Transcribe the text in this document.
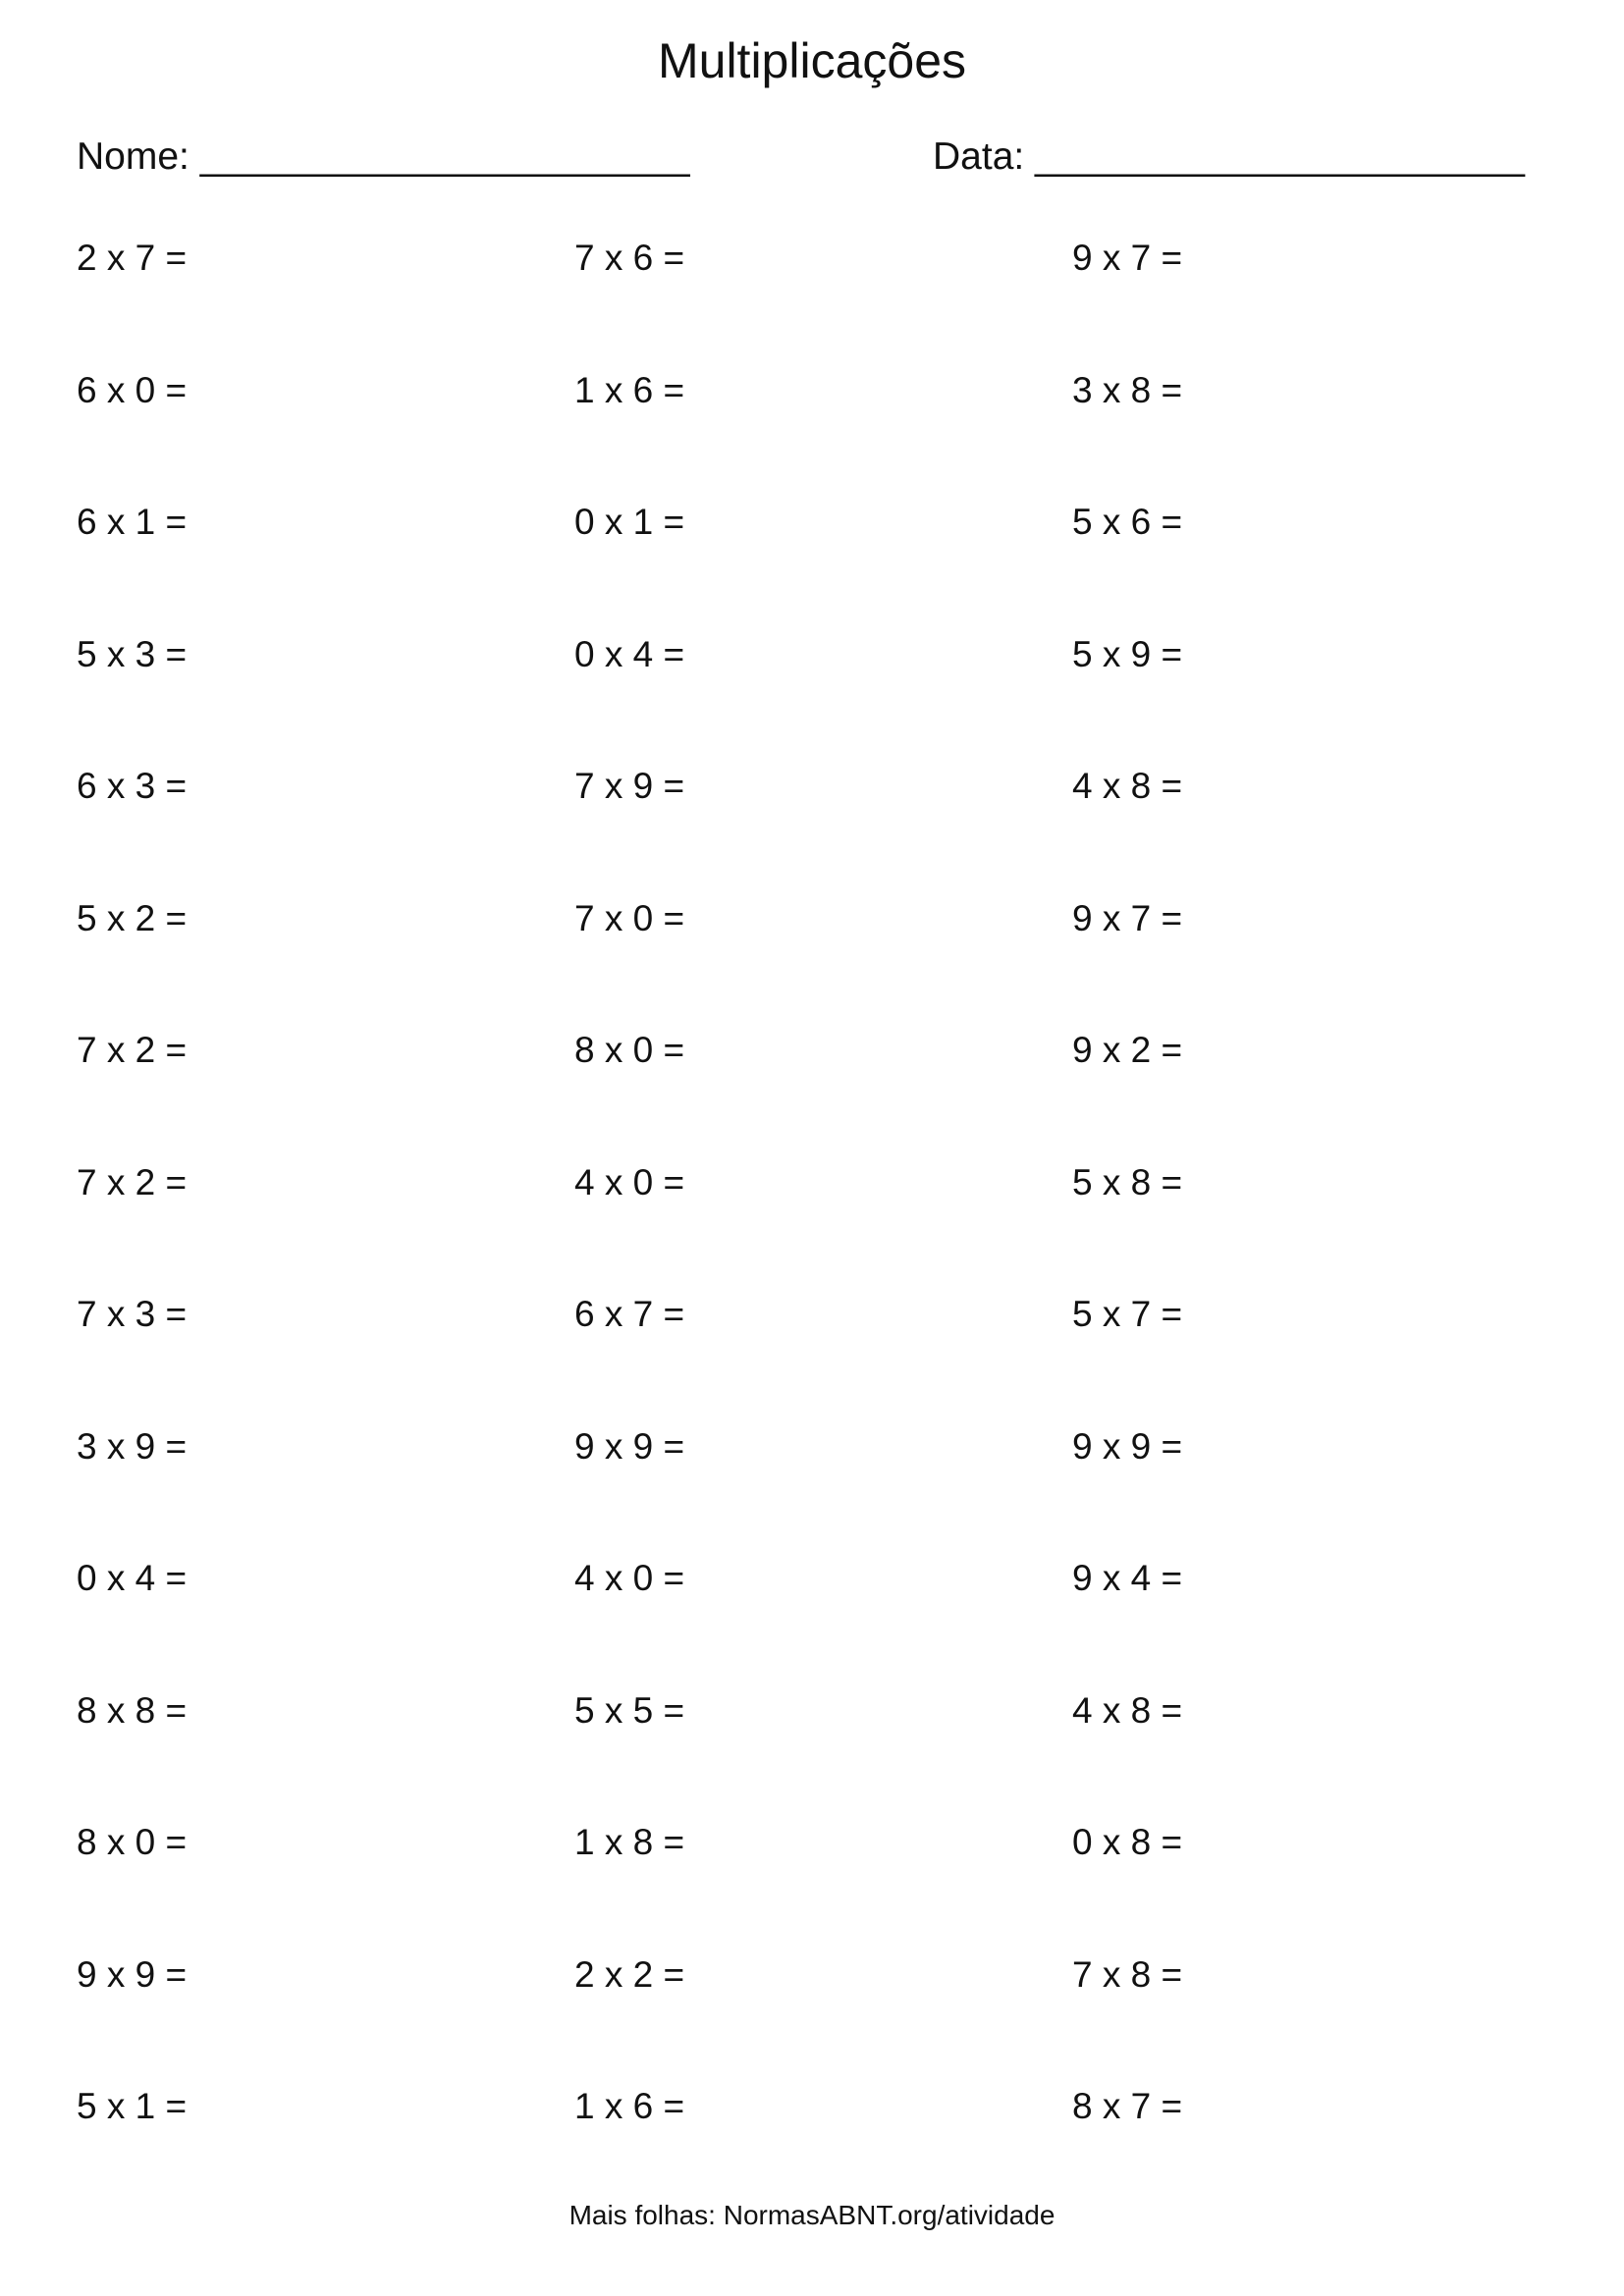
Multiplicações
Nome: _______________________	Data: _______________________
2 x 7 =	7 x 6 =	9 x 7 =
6 x 0 =	1 x 6 =	3 x 8 =
6 x 1 =	0 x 1 =	5 x 6 =
5 x 3 =	0 x 4 =	5 x 9 =
6 x 3 =	7 x 9 =	4 x 8 =
5 x 2 =	7 x 0 =	9 x 7 =
7 x 2 =	8 x 0 =	9 x 2 =
7 x 2 =	4 x 0 =	5 x 8 =
7 x 3 =	6 x 7 =	5 x 7 =
3 x 9 =	9 x 9 =	9 x 9 =
0 x 4 =	4 x 0 =	9 x 4 =
8 x 8 =	5 x 5 =	4 x 8 =
8 x 0 =	1 x 8 =	0 x 8 =
9 x 9 =	2 x 2 =	7 x 8 =
5 x 1 =	1 x 6 =	8 x 7 =
Mais folhas: NormasABNT.org/atividade
